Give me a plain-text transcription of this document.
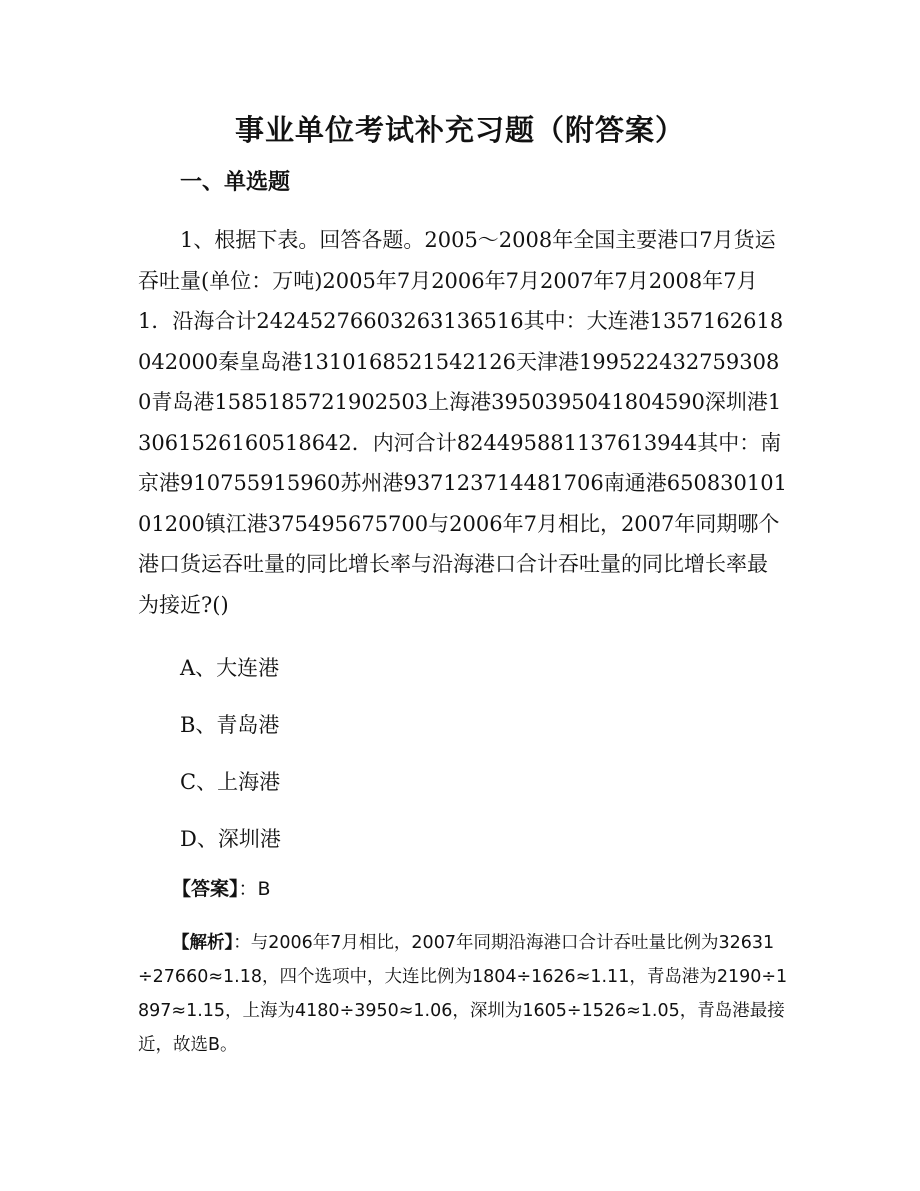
事业单位考试补充习题（附答案）
一、单选题

1、根据下表。回答各题。2005～2008年全国主要港口7月货运吞吐量(单位：万吨)2005年7月2006年7月2007年7月2008年7月1．沿海合计24245276603263136516其中：大连港1357162618042000秦皇岛港1310168521542126天津港1995224327593080青岛港1585185721902503上海港3950395041804590深圳港1306152616051864​2．内河合计8244958811376139​44其中：南京港910755915960苏州港937123714481706南通港6508301010120​0镇江港375495675700与2006年7月相比，2007年同期哪个港口货运吞吐量的同比增长率与沿海港口合计吞吐量的同比增长率最为接近?()

A、大连港
B、青岛港
C、上海港
D、深圳港
【答案】：B

【解析】：与2006年7月相比，2007年同期沿海港口合计吞吐量比例为32631÷27660≈1.18，四个选项中，大连比例为1804÷1626≈1.11，青岛港为2190÷1897≈1.15，上海为4180÷3950≈1.06，深圳为1605÷1526≈1.05，青岛港最接近，故选B。
